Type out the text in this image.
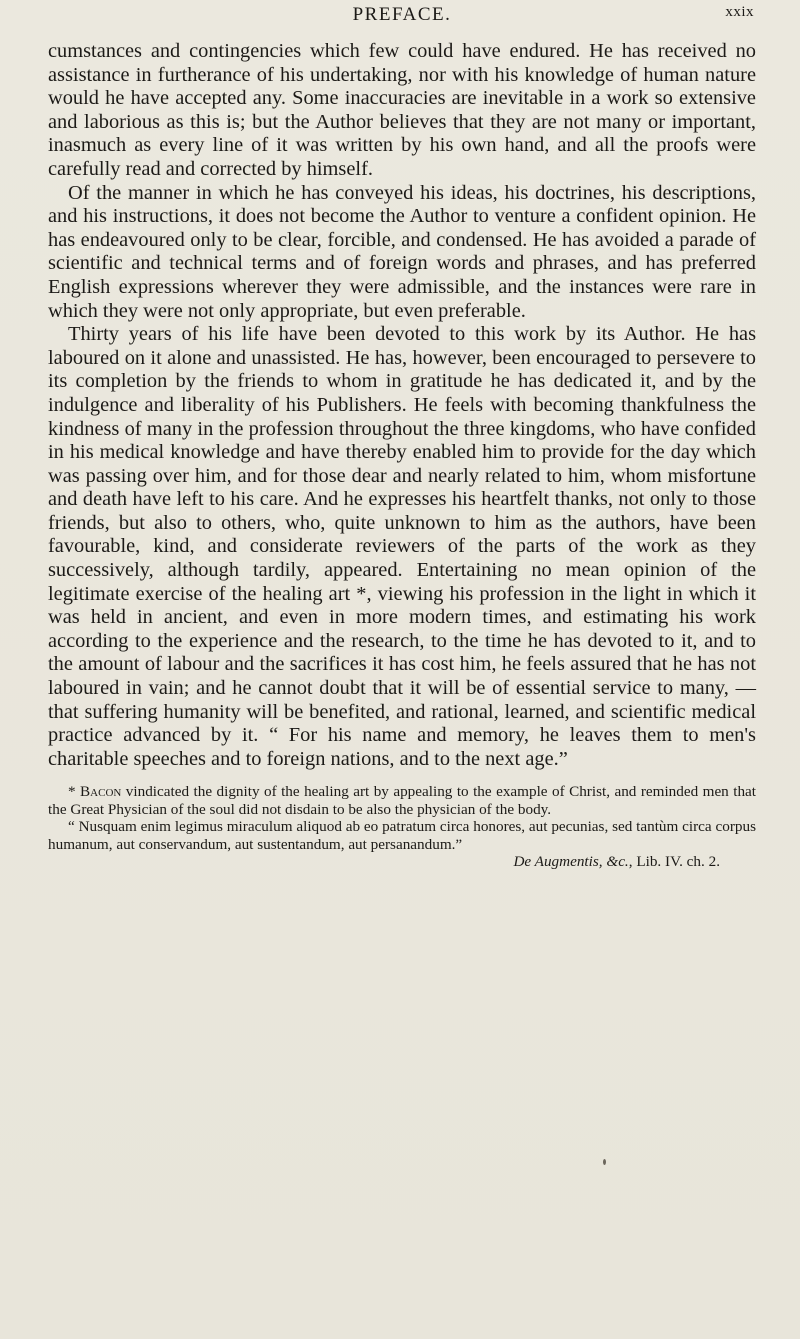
PREFACE.	xxix

cumstances and contingencies which few could have endured. He has received no assistance in furtherance of his undertaking, nor with his knowledge of human nature would he have accepted any. Some inaccuracies are inevitable in a work so extensive and laborious as this is; but the Author believes that they are not many or important, inasmuch as every line of it was written by his own hand, and all the proofs were carefully read and corrected by himself.

Of the manner in which he has conveyed his ideas, his doctrines, his descriptions, and his instructions, it does not become the Author to venture a confident opinion. He has endeavoured only to be clear, forcible, and condensed. He has avoided a parade of scientific and technical terms and of foreign words and phrases, and has preferred English expressions wherever they were admissible, and the instances were rare in which they were not only appropriate, but even preferable.

Thirty years of his life have been devoted to this work by its Author. He has laboured on it alone and unassisted. He has, however, been encouraged to persevere to its completion by the friends to whom in gratitude he has dedicated it, and by the indulgence and liberality of his Publishers. He feels with becoming thankfulness the kindness of many in the profession throughout the three kingdoms, who have confided in his medical knowledge and have thereby enabled him to provide for the day which was passing over him, and for those dear and nearly related to him, whom misfortune and death have left to his care. And he expresses his heartfelt thanks, not only to those friends, but also to others, who, quite unknown to him as the authors, have been favourable, kind, and considerate reviewers of the parts of the work as they successively, although tardily, appeared. Entertaining no mean opinion of the legitimate exercise of the healing art *, viewing his profession in the light in which it was held in ancient, and even in more modern times, and estimating his work according to the experience and the research, to the time he has devoted to it, and to the amount of labour and the sacrifices it has cost him, he feels assured that he has not laboured in vain; and he cannot doubt that it will be of essential service to many, — that suffering humanity will be benefited, and rational, learned, and scientific medical practice advanced by it. “ For his name and memory, he leaves them to men's charitable speeches and to foreign nations, and to the next age.”

* Bacon vindicated the dignity of the healing art by appealing to the example of Christ, and reminded men that the Great Physician of the soul did not disdain to be also the physician of the body.

“ Nusquam enim legimus miraculum aliquod ab eo patratum circa honores, aut pecunias, sed tantùm circa corpus humanum, aut conservandum, aut sustentandum, aut persanandum.”

De Augmentis, &c., Lib. IV. ch. 2.
